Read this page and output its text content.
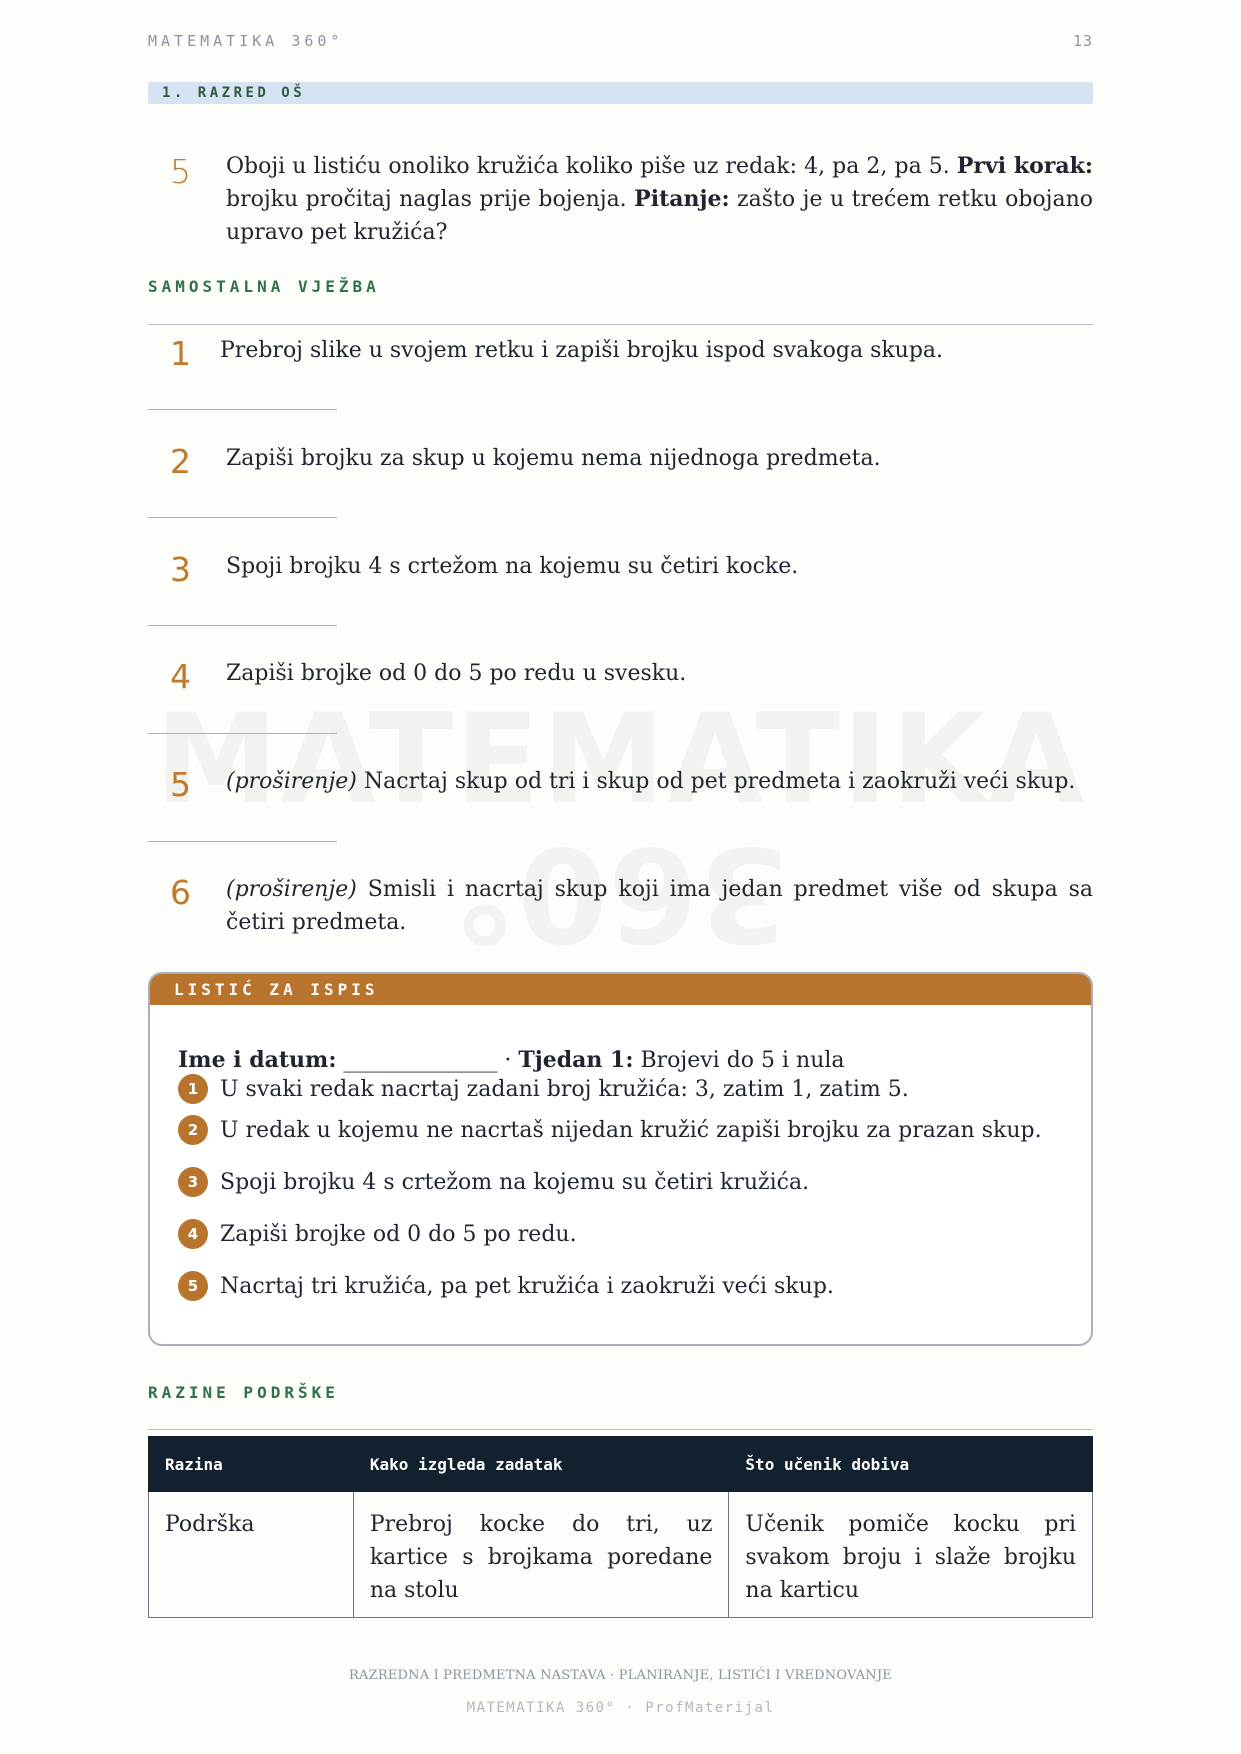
MATEMATIKA 360°	13
1. RAZRED OŠ
5 Oboji u listiću onoliko kružića koliko piše uz redak: 4, pa 2, pa 5. Prvi korak: brojku pročitaj naglas prije bojenja. Pitanje: zašto je u trećem retku obojano upravo pet kružića?

SAMOSTALNA VJEŽBA
1 Prebroj slike u svojem retku i zapiši brojku ispod svakoga skupa.

2 Zapiši brojku za skup u kojemu nema nijednoga predmeta.

3 Spoji brojku 4 s crtežom na kojemu su četiri kocke.

4 Zapiši brojke od 0 do 5 po redu u svesku.

5 (proširenje) Nacrtaj skup od tri i skup od pet predmeta i zaokruži veći skup.

6 (proširenje) Smisli i nacrtaj skup koji ima jedan predmet više od skupa sa četiri predmeta.

LISTIĆ ZA ISPIS

Ime i datum: ______________ · Tjedan 1: Brojevi do 5 i nula

1 U svaki redak nacrtaj zadani broj kružića: 3, zatim 1, zatim 5.
2 U redak u kojemu ne nacrtaš nijedan kružić zapiši brojku za prazan skup.
3 Spoji brojku 4 s crtežom na kojemu su četiri kružića.
4 Zapiši brojke od 0 do 5 po redu.
5 Nacrtaj tri kružića, pa pet kružića i zaokruži veći skup.
RAZINE PODRŠKE
Razina	Kako izgleda zadatak	Što učenik dobiva
Podrška	Prebroj kocke do tri, uz kartice s brojkama poredane na stolu	Učenik pomiče kocku pri svakom broju i slaže brojku na karticu
RAZREDNA I PREDMETNA NASTAVA · PLANIRANJE, LISTIĆI I VREDNOVANJE
MATEMATIKA 360° · ProfMaterijal
